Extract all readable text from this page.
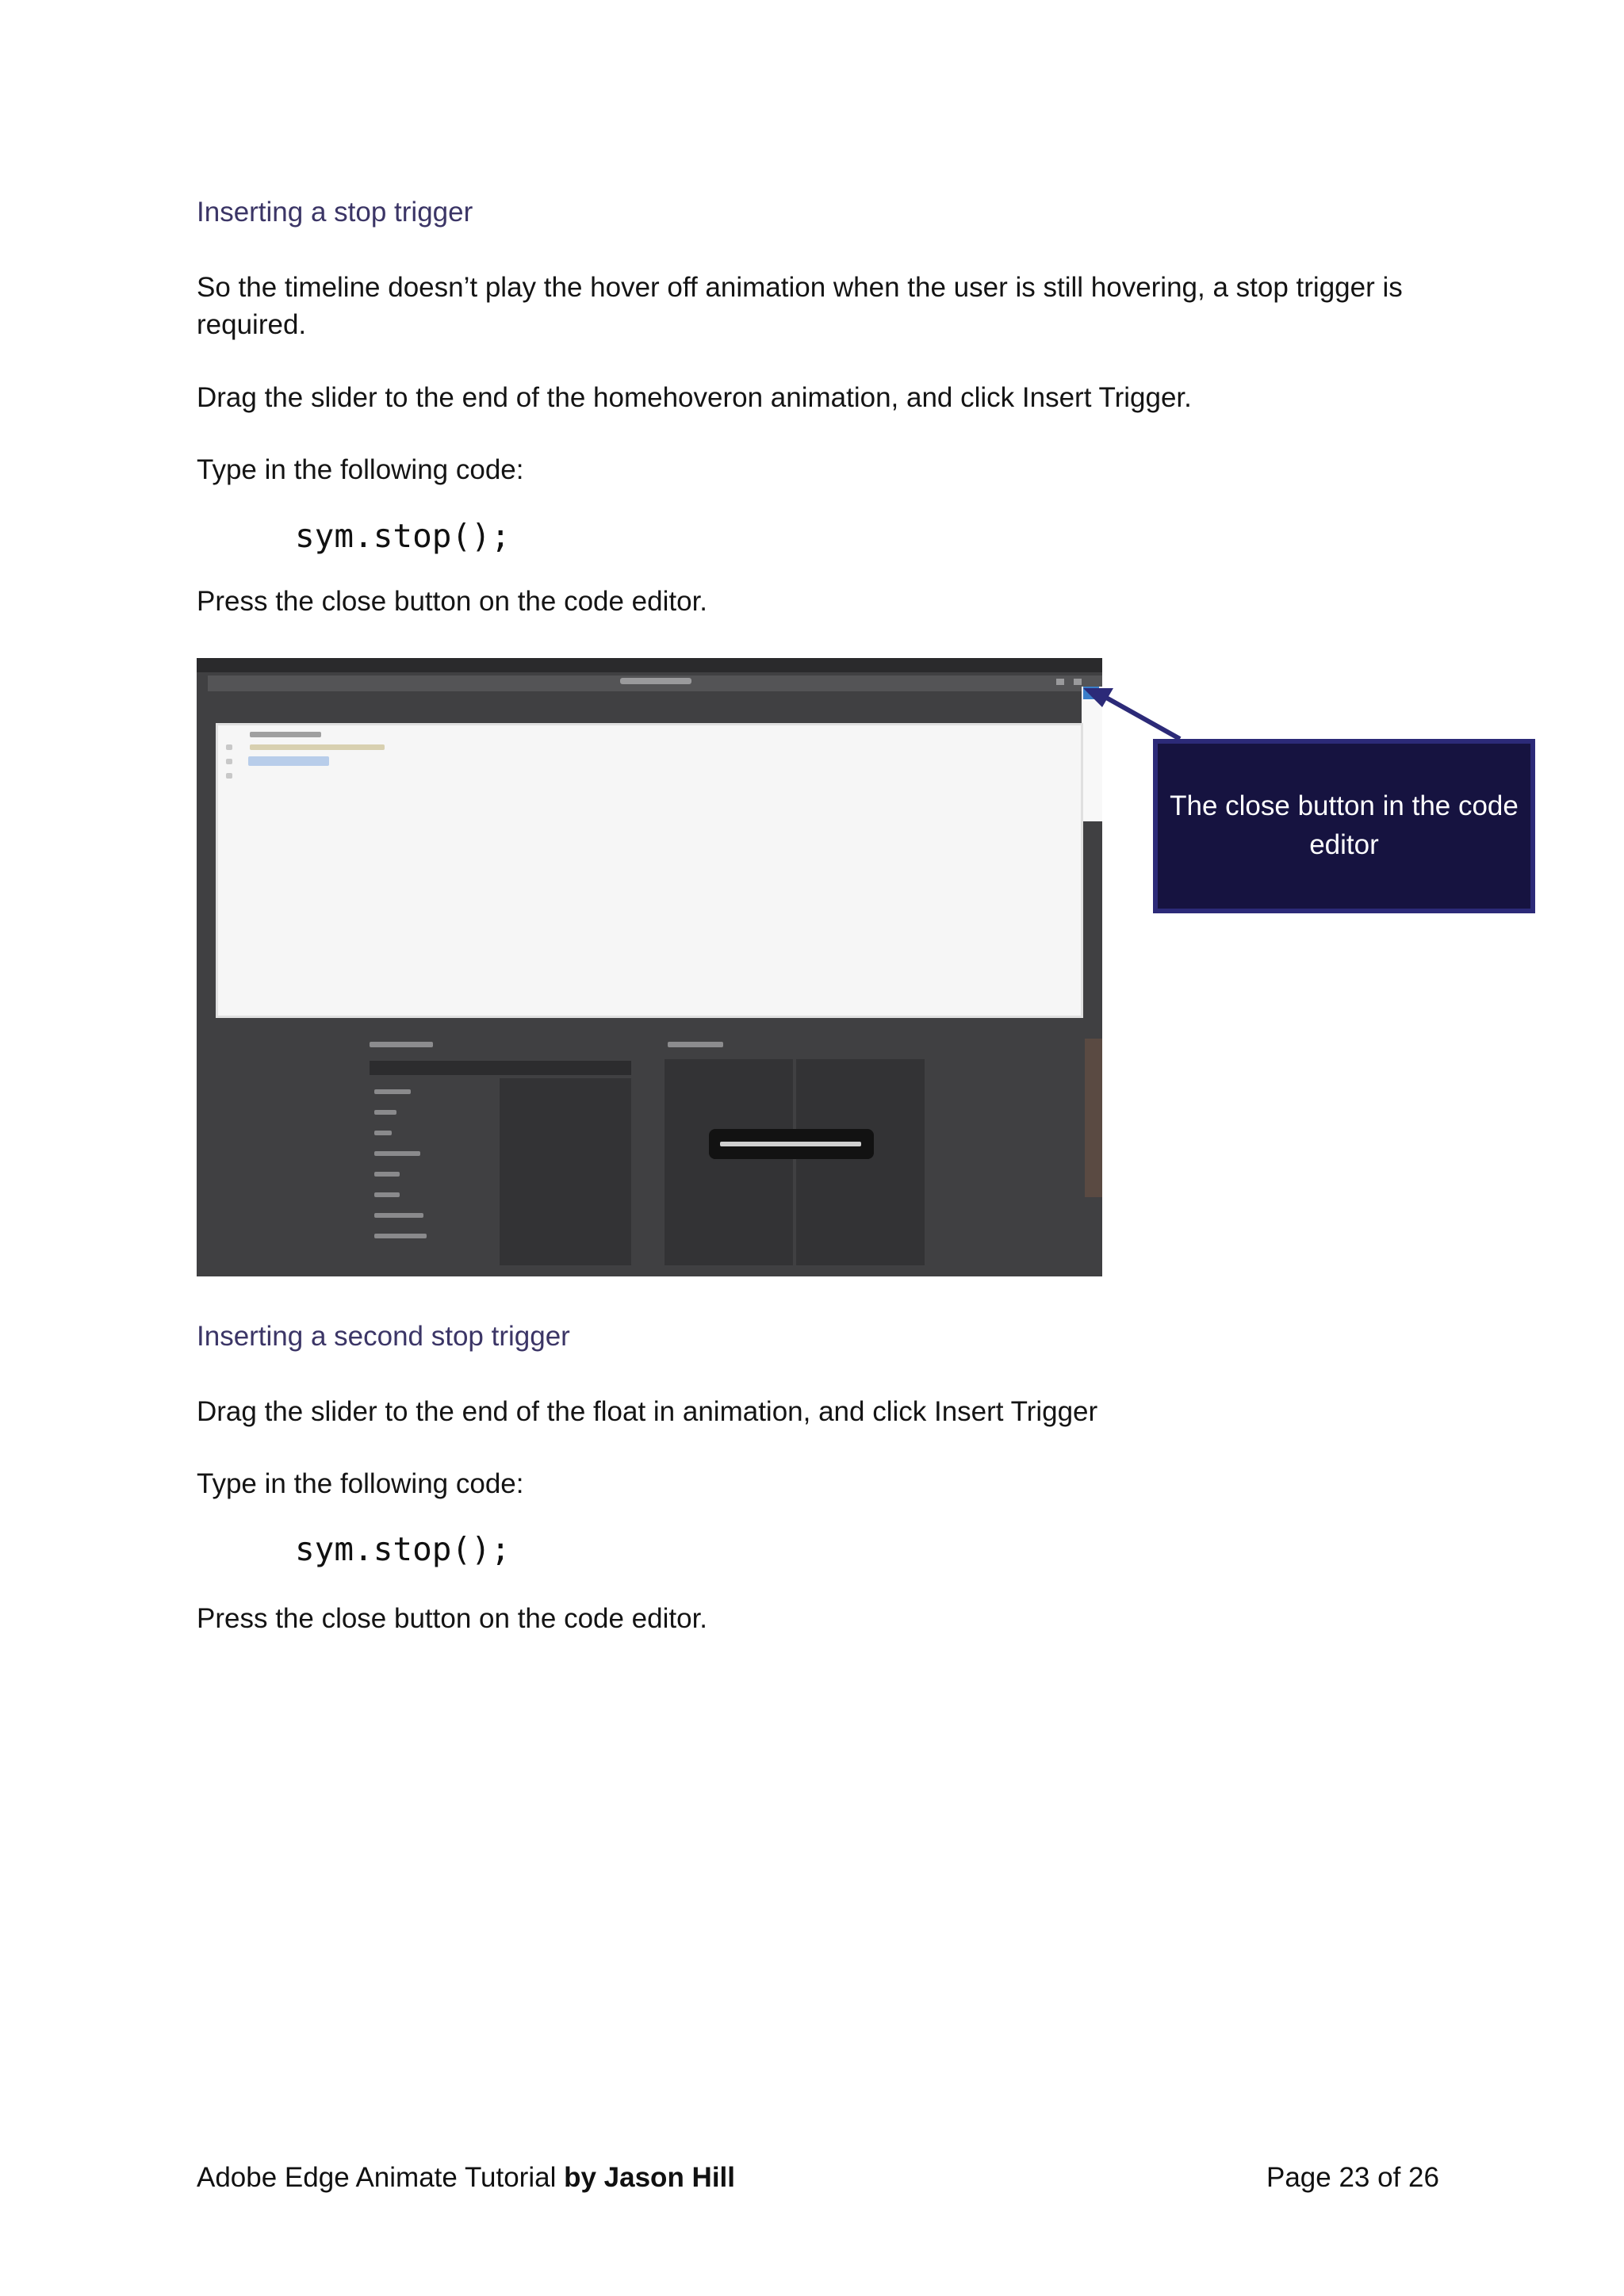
Inserting a stop trigger
So the timeline doesn’t play the hover off animation when the user is still hovering, a stop trigger is required.
Drag the slider to the end of the homehoveron animation, and click Insert Trigger.
Type in the following code:
sym.stop();
Press the close button on the code editor.
The close button in the code editor
Inserting a second stop trigger
Drag the slider to the end of the float in animation, and click Insert Trigger
Type in the following code:
sym.stop();
Press the close button on the code editor.
Adobe Edge Animate Tutorial by Jason Hill	Page 23 of 26
